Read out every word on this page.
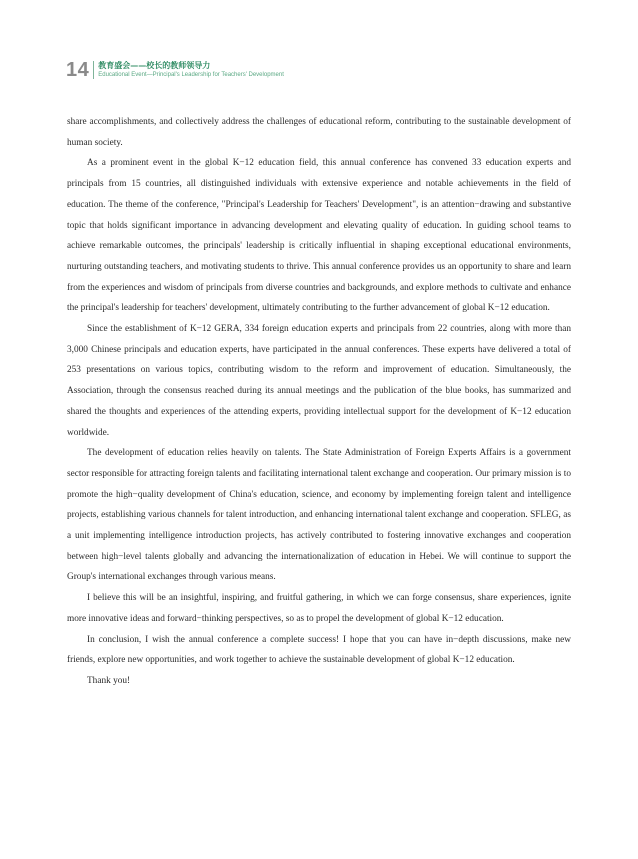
14 教育盛会——校长的教师领导力
Educational Event—Principal's Leadership for Teachers' Development

share accomplishments, and collectively address the challenges of educational reform, contributing to the sustainable development of human society.

As a prominent event in the global K−12 education field, this annual conference has convened 33 education experts and principals from 15 countries, all distinguished individuals with extensive experience and notable achievements in the field of education. The theme of the conference, "Principal's Leadership for Teachers' Development", is an attention−drawing and substantive topic that holds significant importance in advancing development and elevating quality of education. In guiding school teams to achieve remarkable outcomes, the principals' leadership is critically influential in shaping exceptional educational environments, nurturing outstanding teachers, and motivating students to thrive. This annual conference provides us an opportunity to share and learn from the experiences and wisdom of principals from diverse countries and backgrounds, and explore methods to cultivate and enhance the principal's leadership for teachers' development, ultimately contributing to the further advancement of global K−12 education.

Since the establishment of K−12 GERA, 334 foreign education experts and principals from 22 countries, along with more than 3,000 Chinese principals and education experts, have participated in the annual conferences. These experts have delivered a total of 253 presentations on various topics, contributing wisdom to the reform and improvement of education. Simultaneously, the Association, through the consensus reached during its annual meetings and the publication of the blue books, has summarized and shared the thoughts and experiences of the attending experts, providing intellectual support for the development of K−12 education worldwide.

The development of education relies heavily on talents. The State Administration of Foreign Experts Affairs is a government sector responsible for attracting foreign talents and facilitating international talent exchange and cooperation. Our primary mission is to promote the high−quality development of China's education, science, and economy by implementing foreign talent and intelligence projects, establishing various channels for talent introduction, and enhancing international talent exchange and cooperation. SFLEG, as a unit implementing intelligence introduction projects, has actively contributed to fostering innovative exchanges and cooperation between high−level talents globally and advancing the internationalization of education in Hebei. We will continue to support the Group's international exchanges through various means.

I believe this will be an insightful, inspiring, and fruitful gathering, in which we can forge consensus, share experiences, ignite more innovative ideas and forward−thinking perspectives, so as to propel the development of global K−12 education.

In conclusion, I wish the annual conference a complete success! I hope that you can have in−depth discussions, make new friends, explore new opportunities, and work together to achieve the sustainable development of global K−12 education.

Thank you!
